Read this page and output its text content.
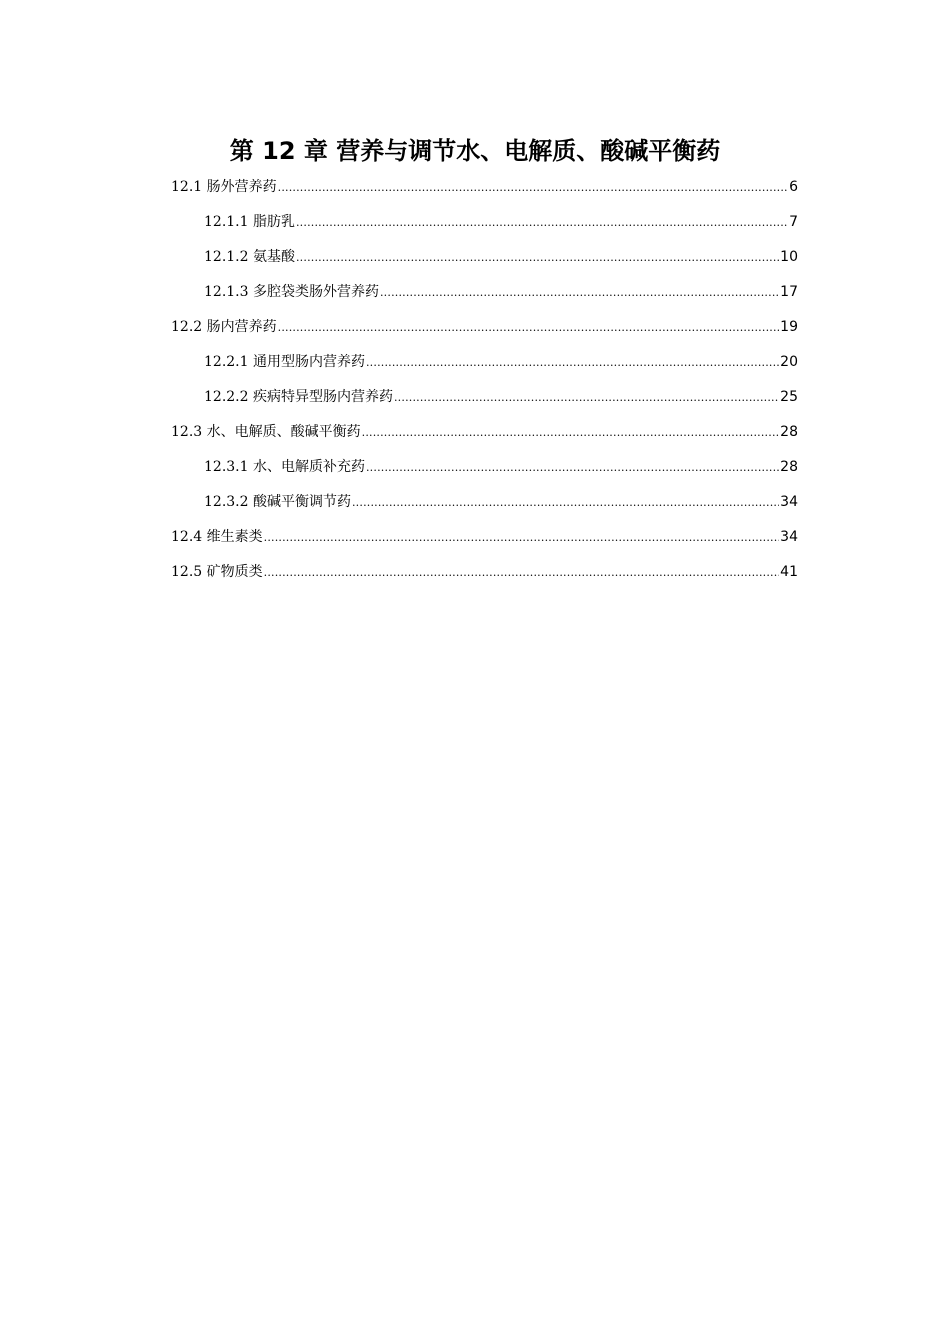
第 12 章 营养与调节水、电解质、酸碱平衡药
12.1 肠外营养药 .....	6
12.1.1 脂肪乳 .....	7
12.1.2 氨基酸 .....	10
12.1.3 多腔袋类肠外营养药 .....	17
12.2 肠内营养药 .....	19
12.2.1 通用型肠内营养药 .....	20
12.2.2 疾病特异型肠内营养药 .....	25
12.3 水、电解质、酸碱平衡药 .....	28
12.3.1 水、电解质补充药 .....	28
12.3.2 酸碱平衡调节药 .....	34
12.4 维生素类 .....	34
12.5 矿物质类 .....	41
